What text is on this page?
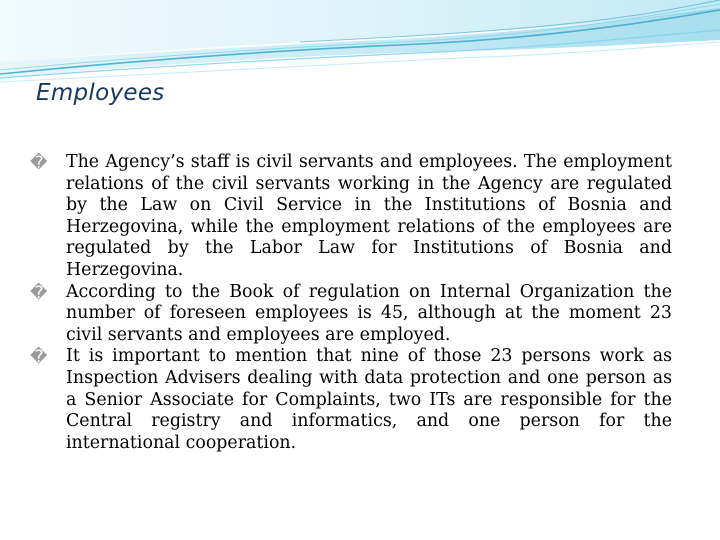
Employees
�	The Agency’s staff is civil servants and employees. The employment relations of the civil servants working in the Agency are regulated by the Law on Civil Service in the Institutions of Bosnia and Herzegovina, while the employment relations of the employees are regulated by the Labor Law for Institutions of Bosnia and Herzegovina.
�	According to the Book of regulation on Internal Organization the number of foreseen employees is 45, although at the moment 23 civil servants and employees are employed.
�	It is important to mention that nine of those 23 persons work as Inspection Advisers dealing with data protection and one person as a Senior Associate for Complaints, two ITs are responsible for the Central registry and informatics, and one person for the international cooperation.
